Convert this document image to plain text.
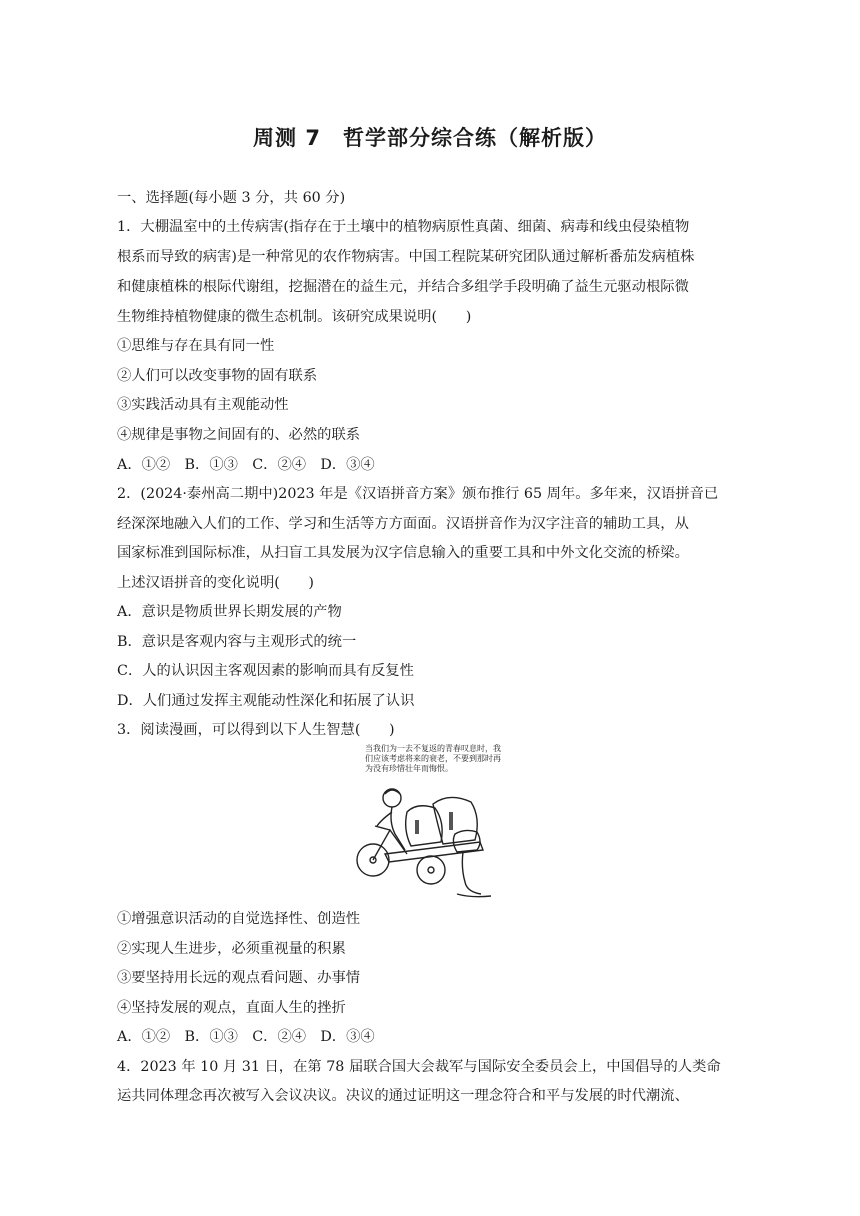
周测 7　哲学部分综合练（解析版）
一、选择题(每小题 3 分，共 60 分)
1．大棚温室中的土传病害(指存在于土壤中的植物病原性真菌、细菌、病毒和线虫侵染植物
根系而导致的病害)是一种常见的农作物病害。中国工程院某研究团队通过解析番茄发病植株
和健康植株的根际代谢组，挖掘潜在的益生元，并结合多组学手段明确了益生元驱动根际微
生物维持植物健康的微生态机制。该研究成果说明(　　)
①思维与存在具有同一性
②人们可以改变事物的固有联系
③实践活动具有主观能动性
④规律是事物之间固有的、必然的联系
A．①②　B．①③　C．②④　D．③④
2．(2024·泰州高二期中)2023 年是《汉语拼音方案》颁布推行 65 周年。多年来，汉语拼音已
经深深地融入人们的工作、学习和生活等方方面面。汉语拼音作为汉字注音的辅助工具，从
国家标准到国际标准，从扫盲工具发展为汉字信息输入的重要工具和中外文化交流的桥梁。
上述汉语拼音的变化说明(　　)
A．意识是物质世界长期发展的产物
B．意识是客观内容与主观形式的统一
C．人的认识因主客观因素的影响而具有反复性
D．人们通过发挥主观能动性深化和拓展了认识
3．阅读漫画，可以得到以下人生智慧(　　)
当我们为一去不复返的青春叹息时，我们应该考虑将来的衰老，不要到那时再为没有珍惜壮年而悔恨。
①增强意识活动的自觉选择性、创造性
②实现人生进步，必须重视量的积累
③要坚持用长远的观点看问题、办事情
④坚持发展的观点，直面人生的挫折
A．①②　B．①③　C．②④　D．③④
4．2023 年 10 月 31 日，在第 78 届联合国大会裁军与国际安全委员会上，中国倡导的人类命
运共同体理念再次被写入会议决议。决议的通过证明这一理念符合和平与发展的时代潮流、
